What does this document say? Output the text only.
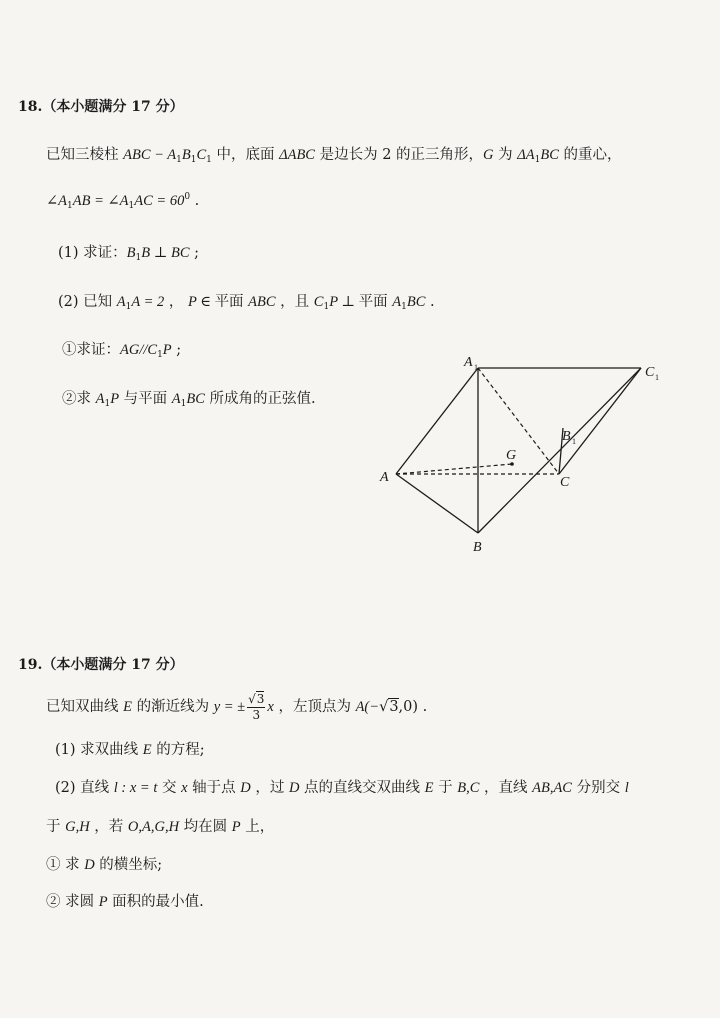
18.（本小题满分 17 分）
已知三棱柱 ABC − $A_1B_1C_1$ 中，底面 ΔABC 是边长为 2 的正三角形，G 为 $\Delta A_1BC$ 的重心，
$\angle A_1AB$ = $\angle A_1AC = 60^0$ .
(1) 求证：$B_1B$ ⊥ BC ;
(2) 已知 $A_1A = 2$ ， P ∈ 平面 ABC ，且 $C_1P$ ⊥ 平面 $A_1BC$ .
①求证：$AG//C_1P$ ;
②求 $A_1P$ 与平面 $A_1BC$ 所成角的正弦值.
A 1	C 1
B 1
G
A	C
B
19.（本小题满分 17 分）
已知双曲线 E 的渐近线为 y = ± $\frac{√3}{3}$ x ，左顶点为 A(−√3,0) .
(1) 求双曲线 E 的方程;
(2) 直线 l : x = t 交 x 轴于点 D ，过 D 点的直线交双曲线 E 于 B,C ，直线 AB,AC 分别交 l
于 G,H ，若 O,A,G,H 均在圆 P 上，
① 求 D 的横坐标;
② 求圆 P 面积的最小值.
